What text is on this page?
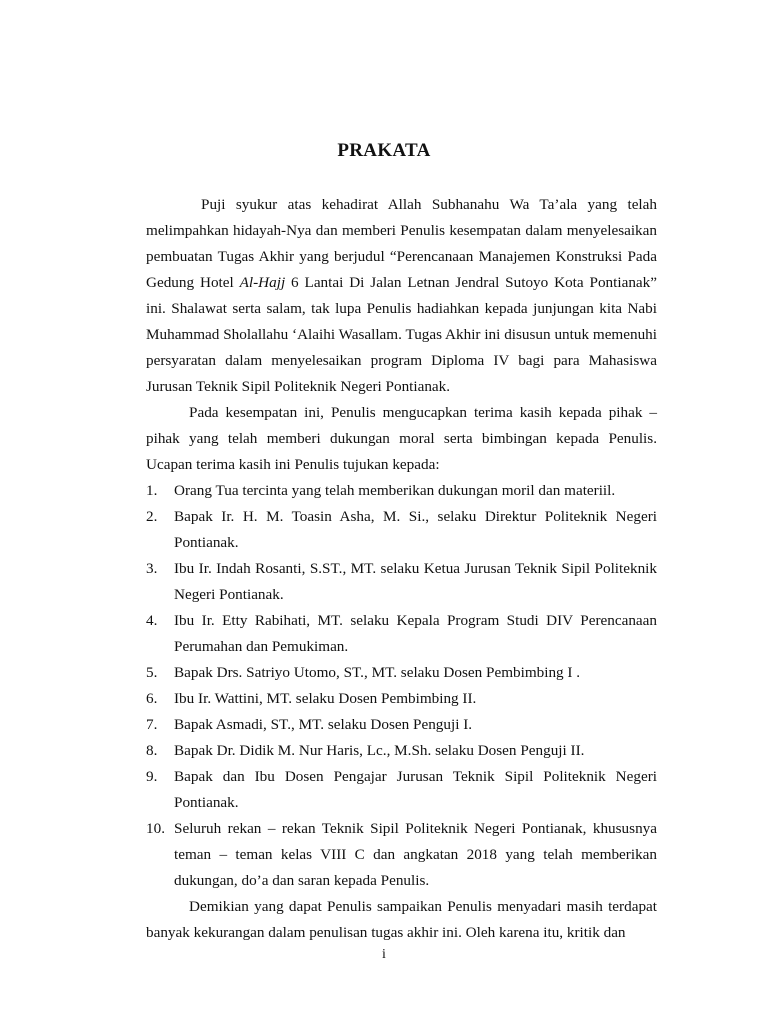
PRAKATA

Puji syukur atas kehadirat Allah Subhanahu Wa Ta’ala yang telah melimpahkan hidayah-Nya dan memberi Penulis kesempatan dalam menyelesaikan pembuatan Tugas Akhir yang berjudul “Perencanaan Manajemen Konstruksi Pada Gedung Hotel Al-Hajj 6 Lantai Di Jalan Letnan Jendral Sutoyo Kota Pontianak” ini. Shalawat serta salam, tak lupa Penulis hadiahkan kepada junjungan kita Nabi Muhammad Sholallahu ‘Alaihi Wasallam. Tugas Akhir ini disusun untuk memenuhi persyaratan dalam menyelesaikan program Diploma IV bagi para Mahasiswa Jurusan Teknik Sipil Politeknik Negeri Pontianak.

Pada kesempatan ini, Penulis mengucapkan terima kasih kepada pihak – pihak yang telah memberi dukungan moral serta bimbingan kepada Penulis. Ucapan terima kasih ini Penulis tujukan kepada:

1.	Orang Tua tercinta yang telah memberikan dukungan moril dan materiil.
2.	Bapak Ir. H. M. Toasin Asha, M. Si., selaku Direktur Politeknik Negeri Pontianak.
3.	Ibu Ir. Indah Rosanti, S.ST., MT. selaku Ketua Jurusan Teknik Sipil Politeknik Negeri Pontianak.
4.	Ibu Ir. Etty Rabihati, MT. selaku Kepala Program Studi DIV Perencanaan Perumahan dan Pemukiman.
5.	Bapak Drs. Satriyo Utomo, ST., MT. selaku Dosen Pembimbing I .
6.	Ibu Ir. Wattini, MT. selaku Dosen Pembimbing II.
7.	Bapak Asmadi, ST., MT. selaku Dosen Penguji I.
8.	Bapak Dr. Didik M. Nur Haris, Lc., M.Sh. selaku Dosen Penguji II.
9.	Bapak dan Ibu Dosen Pengajar Jurusan Teknik Sipil Politeknik Negeri Pontianak.
10. Seluruh rekan – rekan Teknik Sipil Politeknik Negeri Pontianak, khususnya teman – teman kelas VIII C dan angkatan 2018 yang telah memberikan dukungan, do’a dan saran kepada Penulis.

Demikian yang dapat Penulis sampaikan Penulis menyadari masih terdapat banyak kekurangan dalam penulisan tugas akhir ini. Oleh karena itu, kritik dan

i
